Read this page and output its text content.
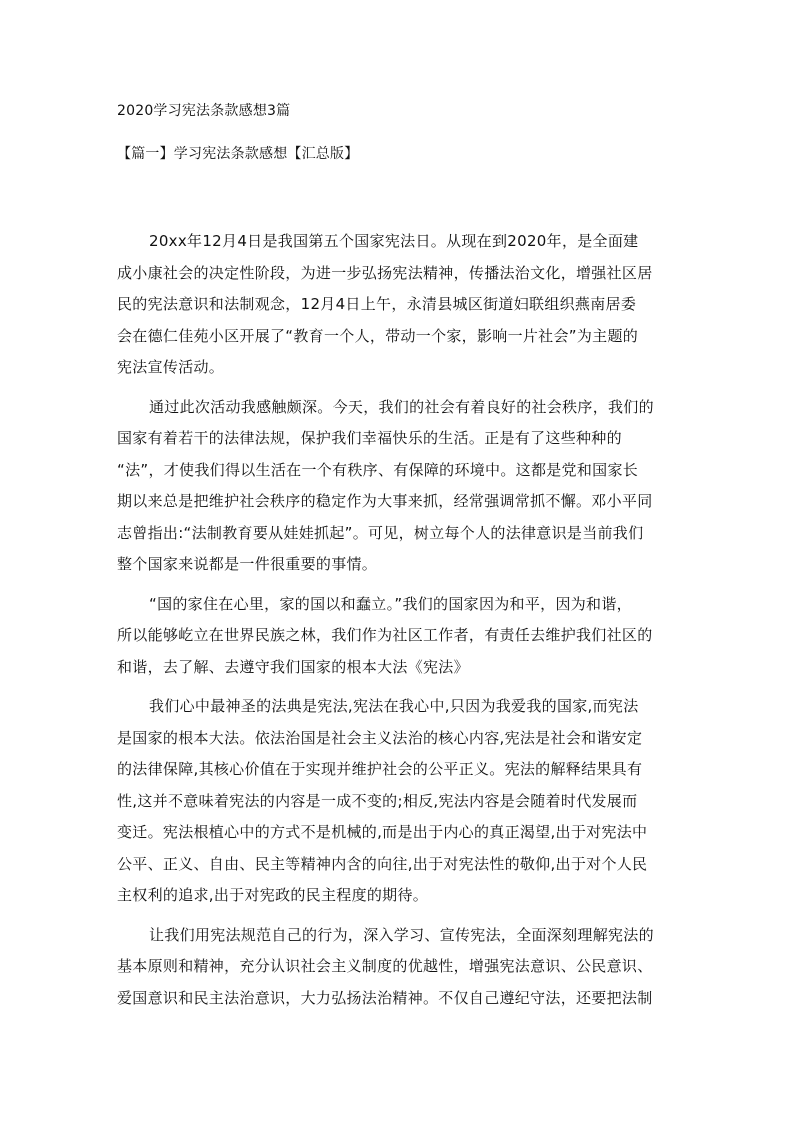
2020学习宪法条款感想3篇
【篇一】学习宪法条款感想【汇总版】

20xx年12月4日是我国第五个国家宪法日。从现在到2020年，是全面建
成小康社会的决定性阶段，为进一步弘扬宪法精神，传播法治文化，增强社区居
民的宪法意识和法制观念，12月4日上午，永清县城区街道妇联组织燕南居委
会在德仁佳苑小区开展了“教育一个人，带动一个家，影响一片社会”为主题的
宪法宣传活动。

通过此次活动我感触颇深。今天，我们的社会有着良好的社会秩序，我们的
国家有着若干的法律法规，保护我们幸福快乐的生活。正是有了这些种种的
“法”，才使我们得以生活在一个有秩序、有保障的环境中。这都是党和国家长
期以来总是把维护社会秩序的稳定作为大事来抓，经常强调常抓不懈。邓小平同
志曾指出:“法制教育要从娃娃抓起”。可见，树立每个人的法律意识是当前我们
整个国家来说都是一件很重要的事情。

“国的家住在心里，家的国以和蠢立。”我们的国家因为和平，因为和谐，
所以能够屹立在世界民族之林，我们作为社区工作者，有责任去维护我们社区的
和谐，去了解、去遵守我们国家的根本大法《宪法》

我们心中最神圣的法典是宪法,宪法在我心中,只因为我爱我的国家,而宪法
是国家的根本大法。依法治国是社会主义法治的核心内容,宪法是社会和谐安定
的法律保障,其核心价值在于实现并维护社会的公平正义。宪法的解释结果具有
性,这并不意味着宪法的内容是一成不变的;相反,宪法内容是会随着时代发展而
变迁。宪法根植心中的方式不是机械的,而是出于内心的真正渴望,出于对宪法中
公平、正义、自由、民主等精神内含的向往,出于对宪法性的敬仰,出于对个人民
主权利的追求,出于对宪政的民主程度的期待。

让我们用宪法规范自己的行为，深入学习、宣传宪法，全面深刻理解宪法的
基本原则和精神，充分认识社会主义制度的优越性，增强宪法意识、公民意识、
爱国意识和民主法治意识，大力弘扬法治精神。不仅自己遵纪守法，还要把法制
